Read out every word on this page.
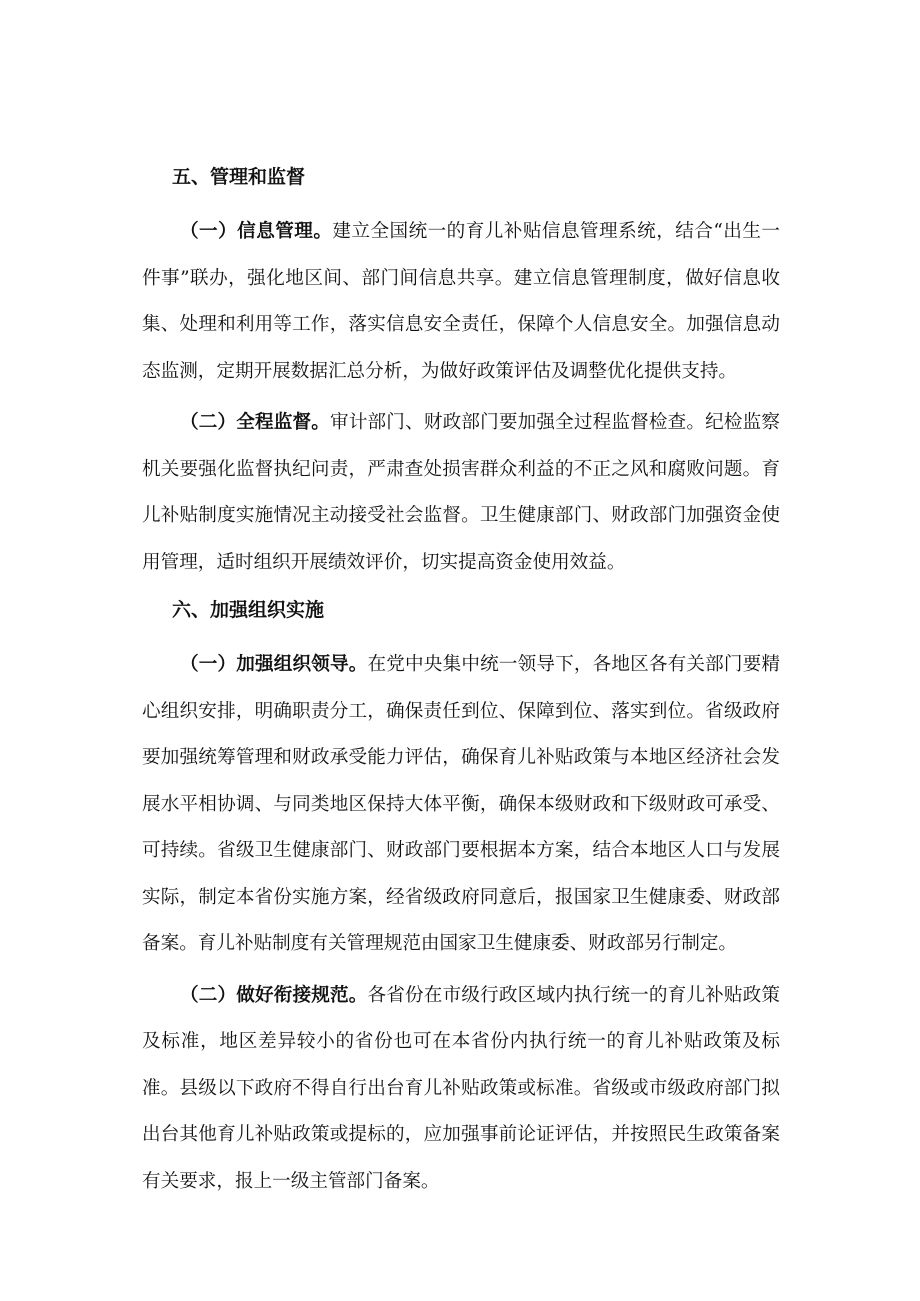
五、管理和监督

（一）信息管理。建立全国统一的育儿补贴信息管理系统，结合“出生一件事”联办，强化地区间、部门间信息共享。建立信息管理制度，做好信息收集、处理和利用等工作，落实信息安全责任，保障个人信息安全。加强信息动态监测，定期开展数据汇总分析，为做好政策评估及调整优化提供支持。

（二）全程监督。审计部门、财政部门要加强全过程监督检查。纪检监察机关要强化监督执纪问责，严肃查处损害群众利益的不正之风和腐败问题。育儿补贴制度实施情况主动接受社会监督。卫生健康部门、财政部门加强资金使用管理，适时组织开展绩效评价，切实提高资金使用效益。

六、加强组织实施

（一）加强组织领导。在党中央集中统一领导下，各地区各有关部门要精心组织安排，明确职责分工，确保责任到位、保障到位、落实到位。省级政府要加强统筹管理和财政承受能力评估，确保育儿补贴政策与本地区经济社会发展水平相协调、与同类地区保持大体平衡，确保本级财政和下级财政可承受、可持续。省级卫生健康部门、财政部门要根据本方案，结合本地区人口与发展实际，制定本省份实施方案，经省级政府同意后，报国家卫生健康委、财政部备案。育儿补贴制度有关管理规范由国家卫生健康委、财政部另行制定。

（二）做好衔接规范。各省份在市级行政区域内执行统一的育儿补贴政策及标准，地区差异较小的省份也可在本省份内执行统一的育儿补贴政策及标准。县级以下政府不得自行出台育儿补贴政策或标准。省级或市级政府部门拟出台其他育儿补贴政策或提标的，应加强事前论证评估，并按照民生政策备案有关要求，报上一级主管部门备案。
